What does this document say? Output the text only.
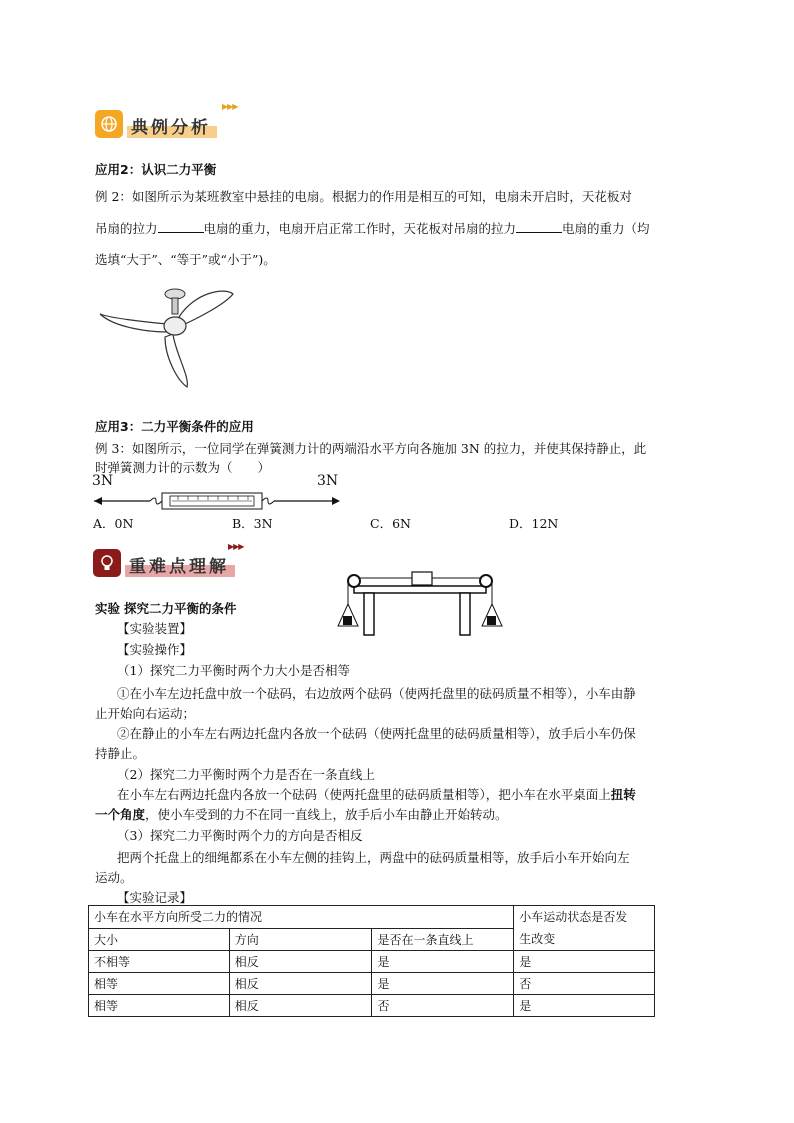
典例分析
▶▶▶
应用2：认识二力平衡
例 2：如图所示为某班教室中悬挂的电扇。根据力的作用是相互的可知，电扇未开启时，天花板对
吊扇的拉力	电扇的重力，电扇开启正常工作时，天花板对吊扇的拉力	电扇的重力（均
选填“大于”、“等于”或“小于”)。
应用3：二力平衡条件的应用
例 3：如图所示，一位同学在弹簧测力计的两端沿水平方向各施加 3N 的拉力，并使其保持静止，此
时弹簧测力计的示数为（　　）
3N	3N
A．0N	B．3N	C．6N	D．12N
重难点理解
▶▶▶
实验 探究二力平衡的条件
【实验装置】
【实验操作】
（1）探究二力平衡时两个力大小是否相等
①在小车左边托盘中放一个砝码，右边放两个砝码（使两托盘里的砝码质量不相等），小车由静
止开始向右运动；
②在静止的小车左右两边托盘内各放一个砝码（使两托盘里的砝码质量相等），放手后小车仍保
持静止。
（2）探究二力平衡时两个力是否在一条直线上
在小车左右两边托盘内各放一个砝码（使两托盘里的砝码质量相等），把小车在水平桌面上扭转
一个角度，使小车受到的力不在同一直线上，放手后小车由静止开始转动。
（3）探究二力平衡时两个力的方向是否相反
把两个托盘上的细绳都系在小车左侧的挂钩上，两盘中的砝码质量相等，放手后小车开始向左
运动。
【实验记录】
小车在水平方向所受二力的情况			小车运动状态是否发
生改变
大小	方向	是否在一条直线上	
不相等	相反	是	是
相等	相反	是	否
相等	相反	否	是
